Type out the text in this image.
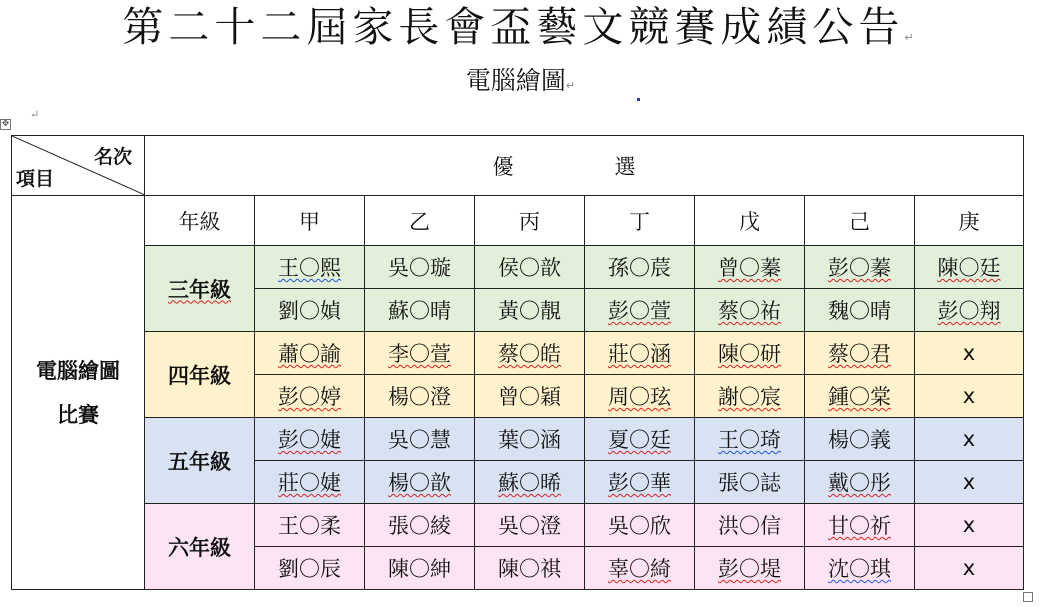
第二十二屆家長會盃藝文競賽成績公告↵
電腦繪圖↵
↵
✥
名次
項目	優　選							

電腦繪圖
比賽	年級	甲	乙	丙	丁	戊	己	庚
	三年級	王〇熙	吳〇璇	侯〇歆	孫〇莀	曾〇蓁	彭〇蓁	陳〇廷
		劉〇媜	蘇〇晴	黃〇靚	彭〇萱	蔡〇祐	魏〇晴	彭〇翔
	四年級	蕭〇諭	李〇萱	蔡〇皓	莊〇涵	陳〇研	蔡〇君	x
		彭〇婷	楊〇澄	曾〇穎	周〇玹	謝〇宸	鍾〇棠	x
	五年級	彭〇婕	吳〇慧	葉〇涵	夏〇廷	王〇琦	楊〇義	x
		莊〇婕	楊〇歆	蘇〇晞	彭〇華	張〇誌	戴〇彤	x
	六年級	王〇柔	張〇綾	吳〇澄	吳〇欣	洪〇信	甘〇祈	x
		劉〇辰	陳〇紳	陳〇祺	辜〇綺	彭〇堤	沈〇琪	x
